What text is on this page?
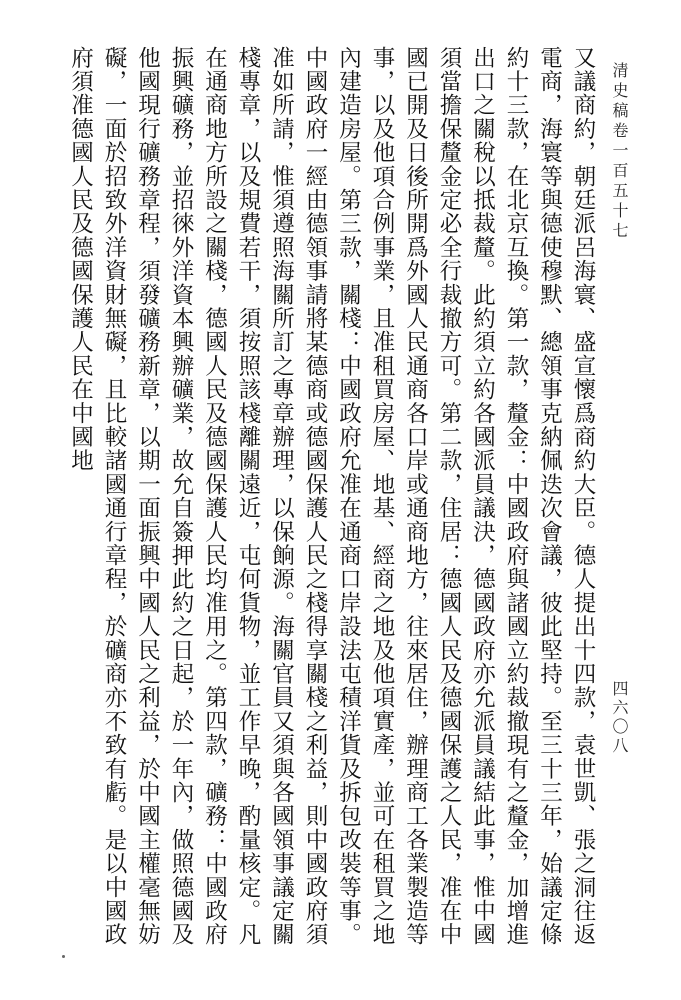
清史稿卷一百五十七
四六〇八

又議商約，朝廷派呂海寰、盛宣懷爲商約大臣。德人提出十四款，袁世凱、張之洞往返電商，海寰等與德使穆默、總領事克納佩迭次會議，彼此堅持。至三十三年，始議定條約十三款，在北京互換。第一款，釐金：中國政府與諸國立約裁撤現有之釐金，加增進出口之關稅以抵裁釐。此約須立約各國派員議決，德國政府亦允派員議結此事，惟中國須當擔保釐金定必全行裁撤方可。第二款，住居：德國人民及德國保護之人民，准在中國已開及日後所開爲外國人民通商各口岸或通商地方，往來居住，辦理商工各業製造等事，以及他項合例事業，且准租買房屋、地基、經商之地及他項實產，並可在租買之地內建造房屋。第三款，關棧：中國政府允准在通商口岸設法屯積洋貨及拆包改裝等事。中國政府一經由德領事請將某德商或德國保護人民之棧得享關棧之利益，則中國政府須准如所請，惟須遵照海關所訂之專章辦理，以保餉源。海關官員又須與各國領事議定關棧專章，以及規費若干，須按照該棧離關遠近，屯何貨物，並工作早晚，酌量核定。凡在通商地方所設之關棧，德國人民及德國保護人民均准用之。第四款，礦務：中國政府振興礦務，並招徠外洋資本興辦礦業，故允自簽押此約之日起，於一年內，做照德國及他國現行礦務章程，須發礦務新章，以期一面振興中國人民之利益，於中國主權毫無妨礙，一面於招致外洋資財無礙，且比較諸國通行章程，於礦商亦不致有虧。是以中國政府須准德國人民及德國保護人民在中國地
